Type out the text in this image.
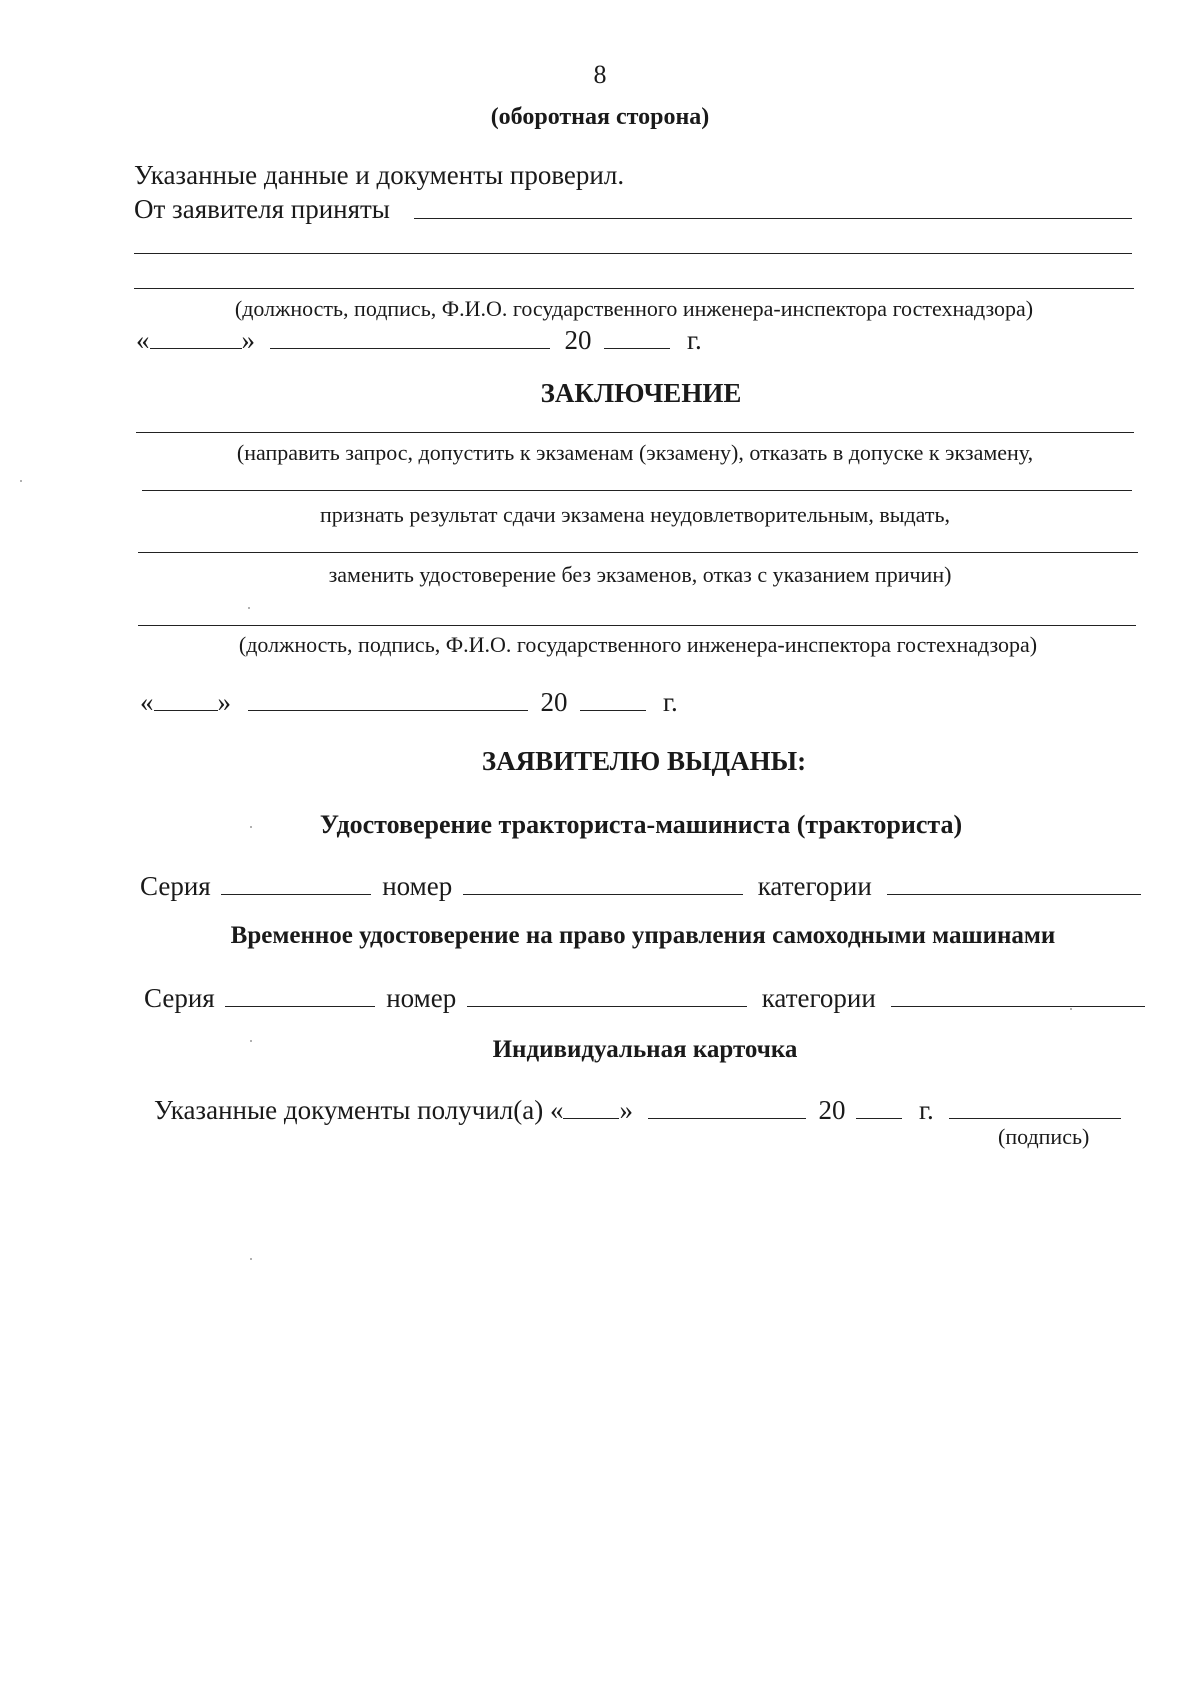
8
(оборотная сторона)
Указанные данные и документы проверил.
От заявителя приняты
(должность, подпись, Ф.И.О. государственного инженера-инспектора гостехнадзора)
«	»	20	г.
ЗАКЛЮЧЕНИЕ
(направить запрос, допустить к экзаменам (экзамену), отказать в допуске к экзамену,
признать результат сдачи экзамена неудовлетворительным, выдать,
заменить удостоверение без экзаменов, отказ с указанием причин)
(должность, подпись, Ф.И.О. государственного инженера-инспектора гостехнадзора)
« »	20	г.
ЗАЯВИТЕЛЮ ВЫДАНЫ:
Удостоверение тракториста-машиниста (тракториста)
Серия	номер	категории
Временное удостоверение на право управления самоходными машинами
Серия	номер	категории
Индивидуальная карточка
Указанные документы получил(а) « »	20	г.
(подпись)
